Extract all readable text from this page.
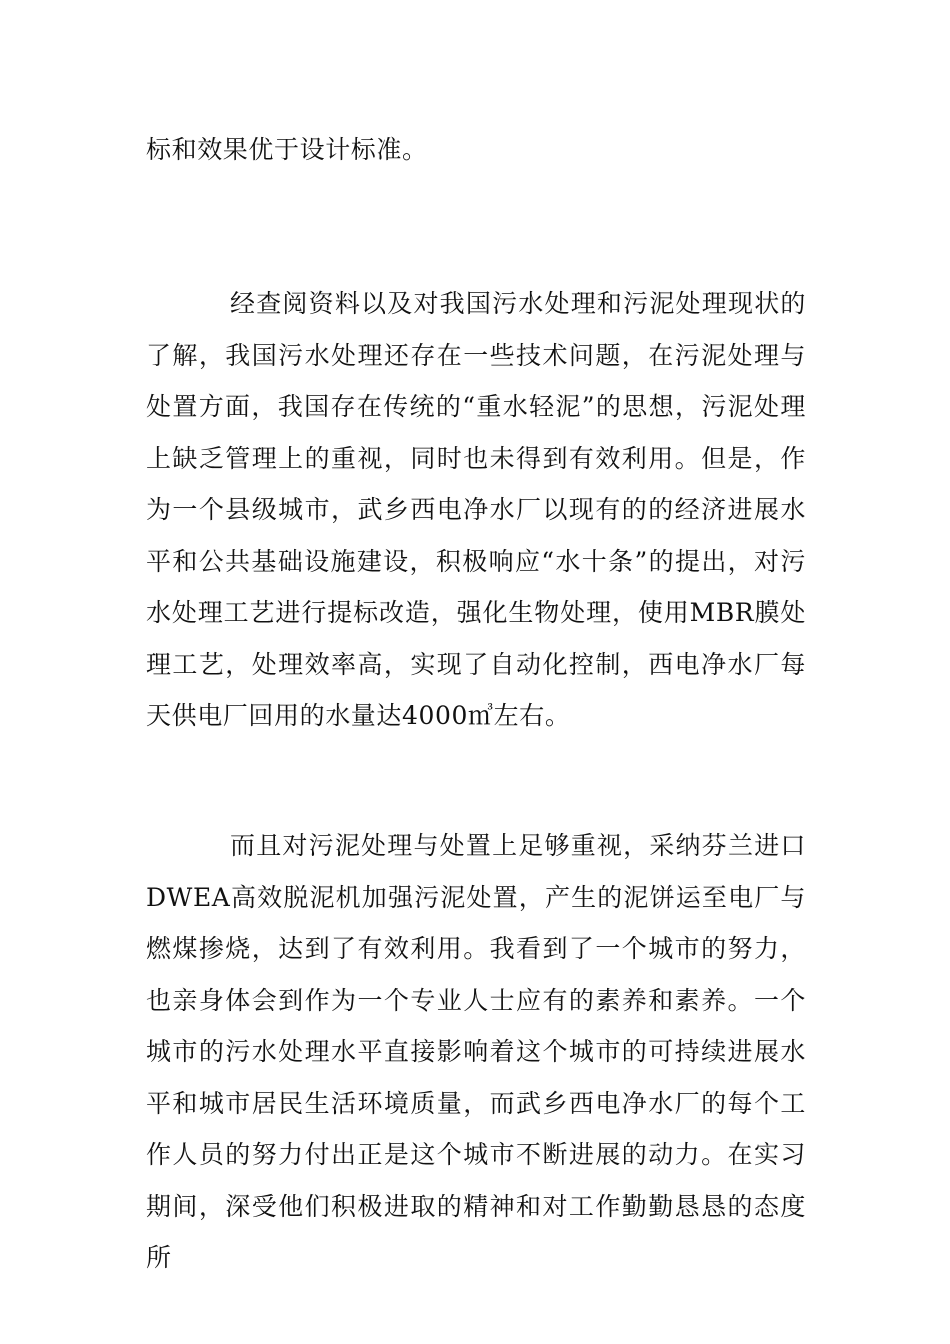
标和效果优于设计标准。

经查阅资料以及对我国污水处理和污泥处理现状的了解，我国污水处理还存在一些技术问题，在污泥处理与处置方面，我国存在传统的“重水轻泥”的思想，污泥处理上缺乏管理上的重视，同时也未得到有效利用。但是，作为一个县级城市，武乡西电净水厂以现有的的经济进展水平和公共基础设施建设，积极响应“水十条”的提出，对污水处理工艺进行提标改造，强化生物处理，使用MBR膜处理工艺，处理效率高，实现了自动化控制，西电净水厂每天供电厂回用的水量达4000㎥左右。

而且对污泥处理与处置上足够重视，采纳芬兰进口DWEA高效脱泥机加强污泥处置，产生的泥饼运至电厂与燃煤掺烧，达到了有效利用。我看到了一个城市的努力，也亲身体会到作为一个专业人士应有的素养和素养。一个城市的污水处理水平直接影响着这个城市的可持续进展水平和城市居民生活环境质量，而武乡西电净水厂的每个工作人员的努力付出正是这个城市不断进展的动力。在实习期间，深受他们积极进取的精神和对工作勤勤恳恳的态度所
